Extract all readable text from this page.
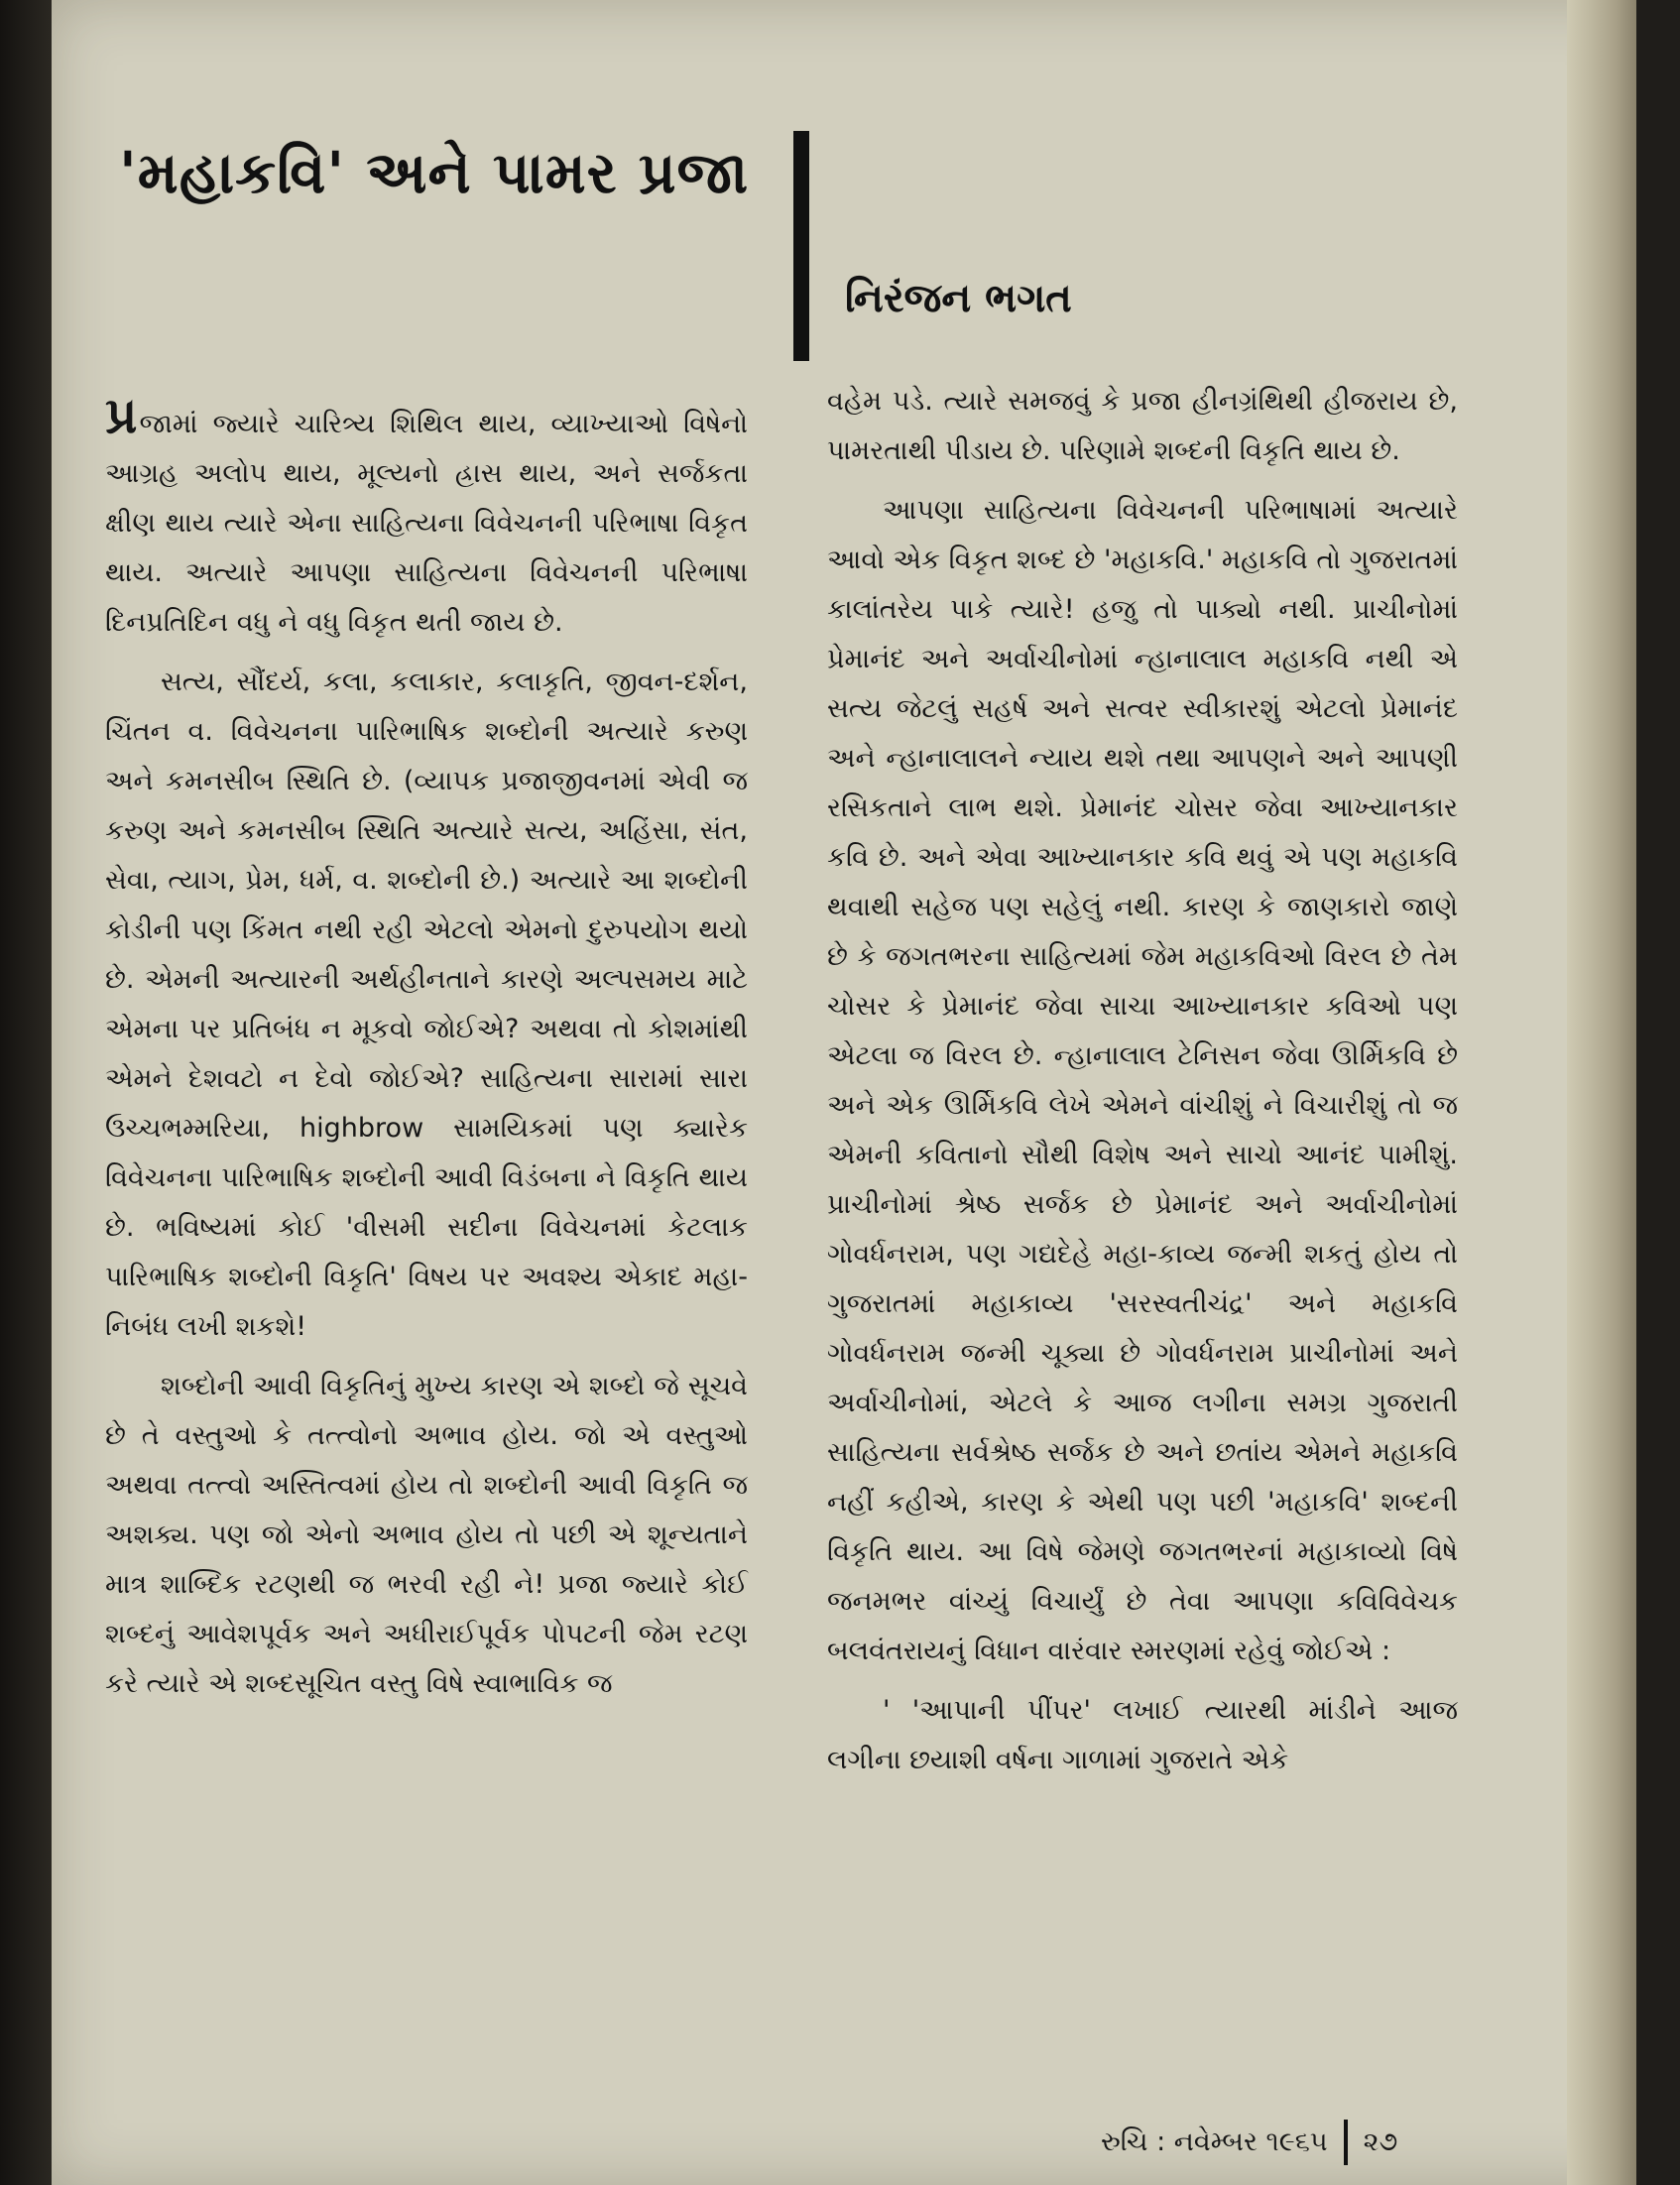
'મહાકવિ' અને પામર પ્રજા
નિરંજન ભગત

પ્રજામાં જ્યારે ચારિત્ર્ય શિથિલ થાય, વ્યાખ્યાઓ વિષેનો આગ્રહ અલોપ થાય, મૂલ્યનો હ્રાસ થાય, અને સર્જકતા ક્ષીણ થાય ત્યારે એના સાહિત્યના વિવેચનની પરિભાષા વિકૃત થાય. અત્યારે આપણા સાહિત્યના વિવેચનની પરિભાષા દિનપ્રતિદિન વધુ ને વધુ વિકૃત થતી જાય છે.

સત્ય, સૌંદર્ય, કલા, કલાકાર, કલાકૃતિ, જીવન-દર્શન, ચિંતન વ. વિવેચનના પારિભાષિક શબ્દોની અત્યારે કરુણ અને કમનસીબ સ્થિતિ છે. (વ્યાપક પ્રજાજીવનમાં એવી જ કરુણ અને કમનસીબ સ્થિતિ અત્યારે સત્ય, અહિંસા, સંત, સેવા, ત્યાગ, પ્રેમ, ધર્મ, વ. શબ્દોની છે.) અત્યારે આ શબ્દોની કોડીની પણ કિંમત નથી રહી એટલો એમનો દુરુપયોગ થયો છે. એમની અત્યારની અર્થહીનતાને કારણે અલ્પસમય માટે એમના પર પ્રતિબંધ ન મૂકવો જોઈએ? અથવા તો કોશમાંથી એમને દેશવટો ન દેવો જોઈએ? સાહિત્યના સારામાં સારા ઉચ્ચભમ્મરિયા, highbrow સામયિકમાં પણ ક્યારેક વિવેચનના પારિભાષિક શબ્દોની આવી વિડંબના ને વિકૃતિ થાય છે. ભવિષ્યમાં કોઈ 'વીસમી સદીના વિવેચનમાં કેટલાક પારિભાષિક શબ્દોની વિકૃતિ' વિષય પર અવશ્ય એકાદ મહા-નિબંધ લખી શકશે!

શબ્દોની આવી વિકૃતિનું મુખ્ય કારણ એ શબ્દો જે સૂચવે છે તે વસ્તુઓ કે તત્ત્વોનો અભાવ હોય. જો એ વસ્તુઓ અથવા તત્ત્વો અસ્તિત્વમાં હોય તો શબ્દોની આવી વિકૃતિ જ અશક્ય. પણ જો એનો અભાવ હોય તો પછી એ શૂન્યતાને માત્ર શાબ્દિક રટણથી જ ભરવી રહી ને! પ્રજા જ્યારે કોઈ શબ્દનું આવેશપૂર્વક અને અધીરાઈપૂર્વક પોપટની જેમ રટણ કરે ત્યારે એ શબ્દસૂચિત વસ્તુ વિષે સ્વાભાવિક જ

વહેમ પડે. ત્યારે સમજવું કે પ્રજા હીનગ્રંથિથી હીજરાય છે, પામરતાથી પીડાય છે. પરિણામે શબ્દની વિકૃતિ થાય છે.

આપણા સાહિત્યના વિવેચનની પરિભાષામાં અત્યારે આવો એક વિકૃત શબ્દ છે 'મહાકવિ.' મહાકવિ તો ગુજરાતમાં કાલાંતરેય પાકે ત્યારે! હજુ તો પાક્યો નથી. પ્રાચીનોમાં પ્રેમાનંદ અને અર્વાચીનોમાં ન્હાનાલાલ મહાકવિ નથી એ સત્ય જેટલું સહર્ષ અને સત્વર સ્વીકારશું એટલો પ્રેમાનંદ અને ન્હાનાલાલને ન્યાય થશે તથા આપણને અને આપણી રસિકતાને લાભ થશે. પ્રેમાનંદ ચોસર જેવા આખ્યાનકાર કવિ છે. અને એવા આખ્યાનકાર કવિ થવું એ પણ મહાકવિ થવાથી સહેજ પણ સહેલું નથી. કારણ કે જાણકારો જાણે છે કે જગતભરના સાહિત્યમાં જેમ મહાકવિઓ વિરલ છે તેમ ચોસર કે પ્રેમાનંદ જેવા સાચા આખ્યાનકાર કવિઓ પણ એટલા જ વિરલ છે. ન્હાનાલાલ ટેનિસન જેવા ઊર્મિકવિ છે અને એક ઊર્મિકવિ લેખે એમને વાંચીશું ને વિચારીશું તો જ એમની કવિતાનો સૌથી વિશેષ અને સાચો આનંદ પામીશું. પ્રાચીનોમાં શ્રેષ્ઠ સર્જક છે પ્રેમાનંદ અને અર્વાચીનોમાં ગોવર્ધનરામ, પણ ગદ્યદેહે મહા-કાવ્ય જન્મી શકતું હોય તો ગુજરાતમાં મહાકાવ્ય 'સરસ્વતીચંદ્ર' અને મહાકવિ ગોવર્ધનરામ જન્મી ચૂક્યા છે ગોવર્ધનરામ પ્રાચીનોમાં અને અર્વાચીનોમાં, એટલે કે આજ લગીના સમગ્ર ગુજરાતી સાહિત્યના સર્વશ્રેષ્ઠ સર્જક છે અને છતાંય એમને મહાકવિ નહીં કહીએ, કારણ કે એથી પણ પછી 'મહાકવિ' શબ્દની વિકૃતિ થાય. આ વિષે જેમણે જગતભરનાં મહાકાવ્યો વિષે જનમભર વાંચ્યું વિચાર્યું છે તેવા આપણા કવિવિવેચક બલવંતરાયનું વિધાન વારંવાર સ્મરણમાં રહેવું જોઈએ :

' 'આપાની પીંપર' લખાઈ ત્યારથી માંડીને આજ લગીના છયાશી વર્ષના ગાળામાં ગુજરાતે એકે

રુચિ : નવેમ્બર ૧૯૬૫ ૨૭
